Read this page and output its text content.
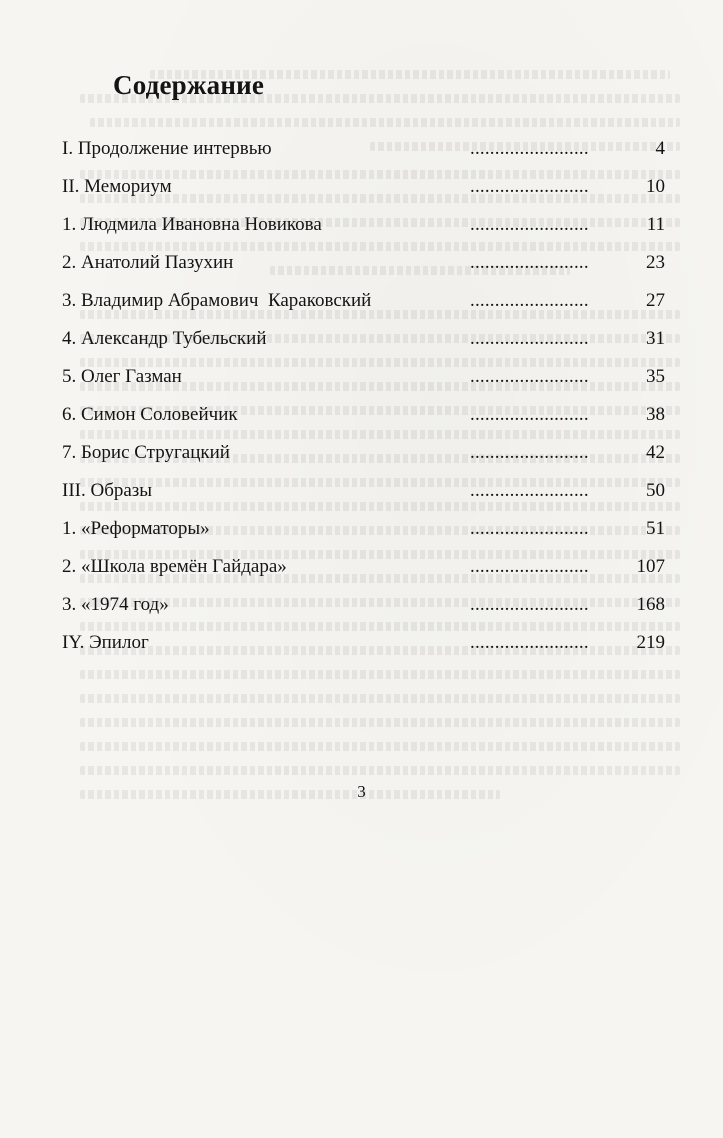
Содержание
I. Продолжение интервью	........................	4
II. Мемориум	........................	10
1. Людмила Ивановна Новикова	........................	11
2. Анатолий Пазухин	........................	23
3. Владимир Абрамович  Караковский	........................	27
4. Александр Тубельский	........................	31
5. Олег Газман	........................	35
6. Симон Соловейчик	........................	38
7. Борис Стругацкий	........................	42
III. Образы	........................	50
1. «Реформаторы»	........................	51
2. «Школа времён Гайдара»	........................	107
3. «1974 год»	........................	168
IY. Эпилог	........................	219
3
